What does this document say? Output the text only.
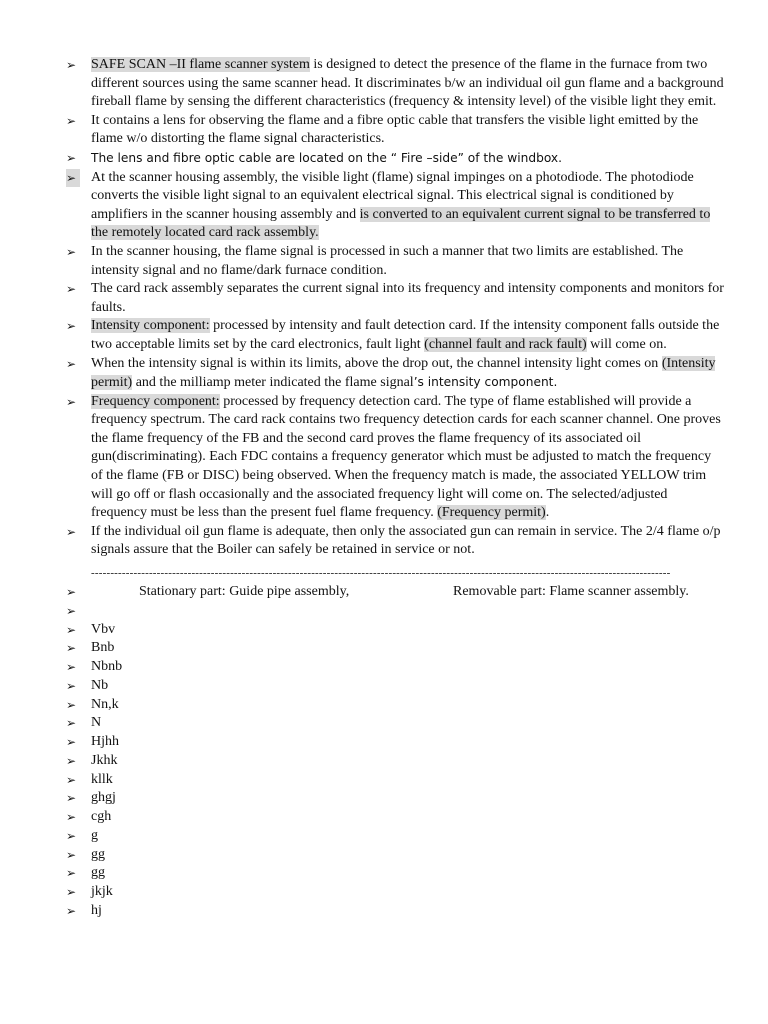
➢ SAFE SCAN –II flame scanner system is designed to detect the presence of the flame in the furnace from two different sources using the same scanner head. It discriminates b/w an individual oil gun flame and a background fireball flame by sensing the different characteristics (frequency & intensity level) of the visible light they emit.
➢ It contains a lens for observing the flame and a fibre optic cable that transfers the visible light emitted by the flame w/o distorting the flame signal characteristics.
➢	The lens and fibre optic cable are located on the “ Fire –side” of the windbox.
➢ At the scanner housing assembly, the visible light (flame) signal impinges on a photodiode. The photodiode converts the visible light signal to an equivalent electrical signal. This electrical signal is conditioned by amplifiers in the scanner housing assembly and is converted to an equivalent current signal to be transferred to the remotely located card rack assembly.
➢ In the scanner housing, the flame signal is processed in such a manner that two limits are established. The intensity signal and no flame/dark furnace condition.
➢ The card rack assembly separates the current signal into its frequency and intensity components and monitors for faults.
➢ Intensity component: processed by intensity and fault detection card. If the intensity component falls outside the two acceptable limits set by the card electronics, fault light (channel fault and rack fault) will come on.
➢ When the intensity signal is within its limits, above the drop out, the channel intensity light comes on (Intensity permit) and the milliamp meter indicated the flame signal’s intensity component.
➢ Frequency component: processed by frequency detection card. The type of flame established will provide a frequency spectrum. The card rack contains two frequency detection cards for each scanner channel. One proves the flame frequency of the FB and the second card proves the flame frequency of its associated oil gun(discriminating). Each FDC contains a frequency generator which must be adjusted to match the frequency of the flame (FB or DISC) being observed. When the frequency match is made, the associated YELLOW trim will go off or flash occasionally and the associated frequency light will come on. The selected/adjusted frequency must be less than the present fuel flame frequency. (Frequency permit).
➢ If the individual oil gun flame is adequate, then only the associated gun can remain in service. The 2/4 flame o/p signals assure that the Boiler can safely be retained in service or not.
------------------------------------------------------------------------------------------------------------------------------------------------------
➢	Stationary part: Guide pipe assembly,	Removable part: Flame scanner assembly.
➢
➢ Vbv
➢ Bnb
➢ Nbnb
➢ Nb
➢ Nn,k
➢ N
➢ Hjhh
➢ Jkhk
➢ kllk
➢ ghgj
➢ cgh
➢ g
➢ gg
➢ gg
➢ jkjk
➢ hj
